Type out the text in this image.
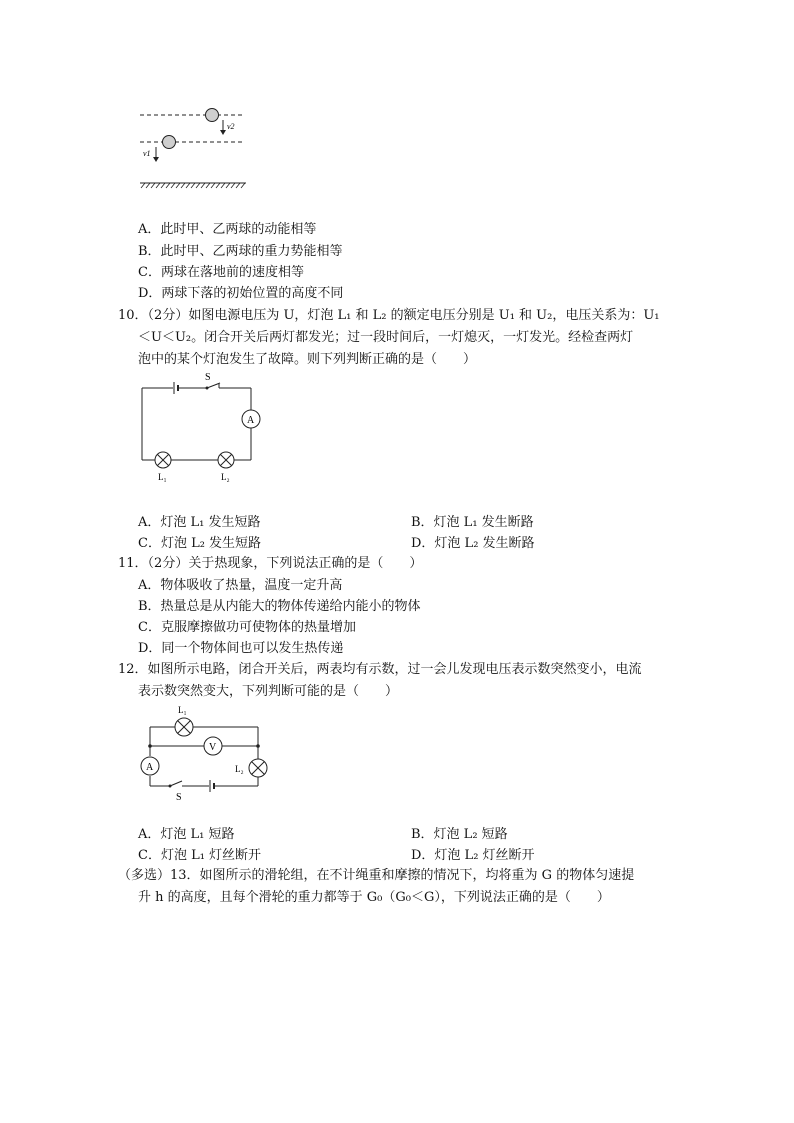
v2
v1
A．此时甲、乙两球的动能相等
B．此时甲、乙两球的重力势能相等
C．两球在落地前的速度相等
D．两球下落的初始位置的高度不同
10．（2分）如图电源电压为 U，灯泡 L₁ 和 L₂ 的额定电压分别是 U₁ 和 U₂，电压关系为：U₁
＜U＜U₂。闭合开关后两灯都发光；过一段时间后，一灯熄灭，一灯发光。经检查两灯
泡中的某个灯泡发生了故障。则下列判断正确的是（　　）
S
A
L₁	L₂
A．灯泡 L₁ 发生短路	B．灯泡 L₁ 发生断路
C．灯泡 L₂ 发生短路	D．灯泡 L₂ 发生断路
11．（2分）关于热现象，下列说法正确的是（　　）
A．物体吸收了热量，温度一定升高
B．热量总是从内能大的物体传递给内能小的物体
C．克服摩擦做功可使物体的热量增加
D．同一个物体间也可以发生热传递
12．如图所示电路，闭合开关后，两表均有示数，过一会儿发现电压表示数突然变小，电流
表示数突然变大，下列判断可能的是（　　）
L₁
V
A	L₂
S
A．灯泡 L₁ 短路	B．灯泡 L₂ 短路
C．灯泡 L₁ 灯丝断开	D．灯泡 L₂ 灯丝断开
（多选）13．如图所示的滑轮组，在不计绳重和摩擦的情况下，均将重为 G 的物体匀速提
升 h 的高度，且每个滑轮的重力都等于 G₀（G₀＜G），下列说法正确的是（　　）
